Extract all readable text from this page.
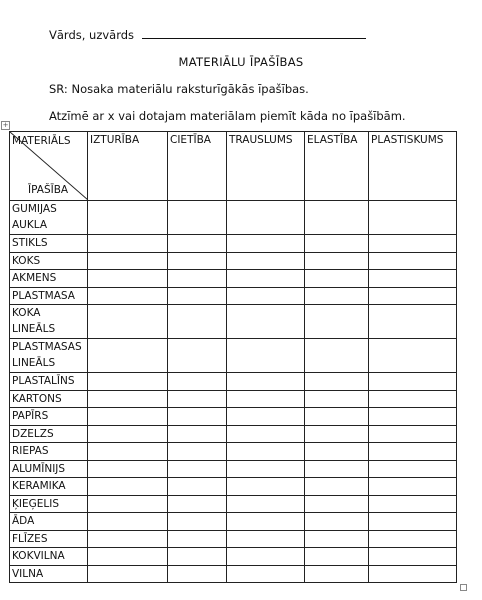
Vārds, uzvārds
MATERIĀLU ĪPAŠĪBAS
SR: Nosaka materiālu raksturīgākās īpašības.
Atzīmē ar x vai dotajam materiālam piemīt kāda no īpašībām.
+
MATERIĀLS
ĪPAŠĪBA	IZTURĪBA	CIETĪBA	TRAUSLUMS	ELASTĪBA	PLASTISKUMS
GUMIJAS AUKLA					
STIKLS					
KOKS					
AKMENS					
PLASTMASA					
KOKA LINEĀLS					
PLASTMASAS LINEĀLS					
PLASTALĪNS					
KARTONS					
PAPĪRS					
DZELZS					
RIEPAS					
ALUMĪNIJS					
KERAMIKA					
ĶIEĢELIS					
ĀDA					
FLĪZES					
KOKVILNA					
VILNA					
